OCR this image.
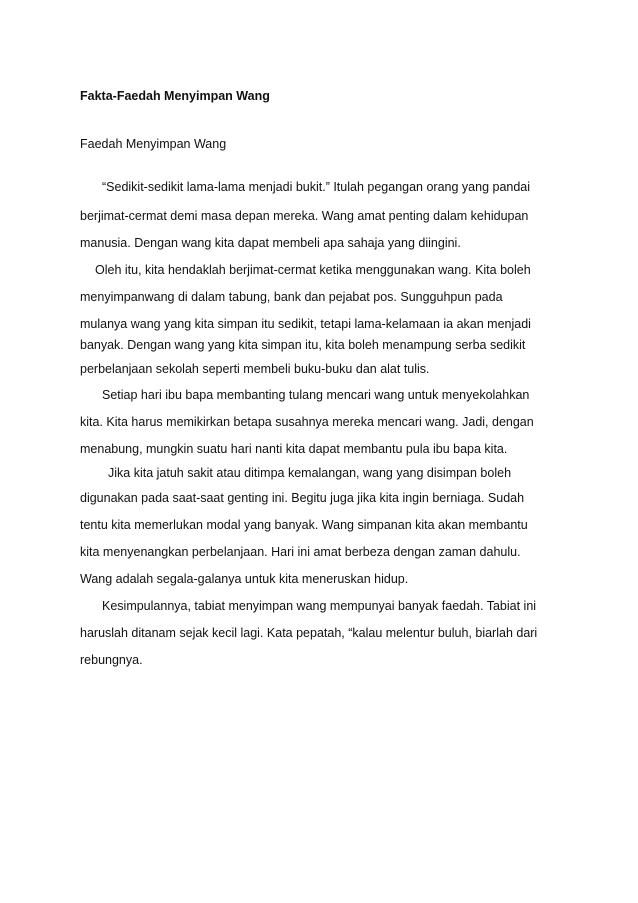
Fakta-Faedah Menyimpan Wang
Faedah Menyimpan Wang
“Sedikit-sedikit lama-lama menjadi bukit.” Itulah pegangan orang yang pandai
berjimat-cermat demi masa depan mereka. Wang amat penting dalam kehidupan
manusia. Dengan wang kita dapat membeli apa sahaja yang diingini.
Oleh itu, kita hendaklah berjimat-cermat ketika menggunakan wang. Kita boleh
menyimpanwang di dalam tabung, bank dan pejabat pos. Sungguhpun pada
mulanya wang yang kita simpan itu sedikit, tetapi lama-kelamaan ia akan menjadi
banyak. Dengan wang yang kita simpan itu, kita boleh menampung serba sedikit
perbelanjaan sekolah seperti membeli buku-buku dan alat tulis.
Setiap hari ibu bapa membanting tulang mencari wang untuk menyekolahkan
kita. Kita harus memikirkan betapa susahnya mereka mencari wang. Jadi, dengan
menabung, mungkin suatu hari nanti kita dapat membantu pula ibu bapa kita.
Jika kita jatuh sakit atau ditimpa kemalangan, wang yang disimpan boleh
digunakan pada saat-saat genting ini. Begitu juga jika kita ingin berniaga. Sudah
tentu kita memerlukan modal yang banyak. Wang simpanan kita akan membantu
kita menyenangkan perbelanjaan. Hari ini amat berbeza dengan zaman dahulu.
Wang adalah segala-galanya untuk kita meneruskan hidup.
Kesimpulannya, tabiat menyimpan wang mempunyai banyak faedah. Tabiat ini
haruslah ditanam sejak kecil lagi. Kata pepatah, “kalau melentur buluh, biarlah dari
rebungnya.
